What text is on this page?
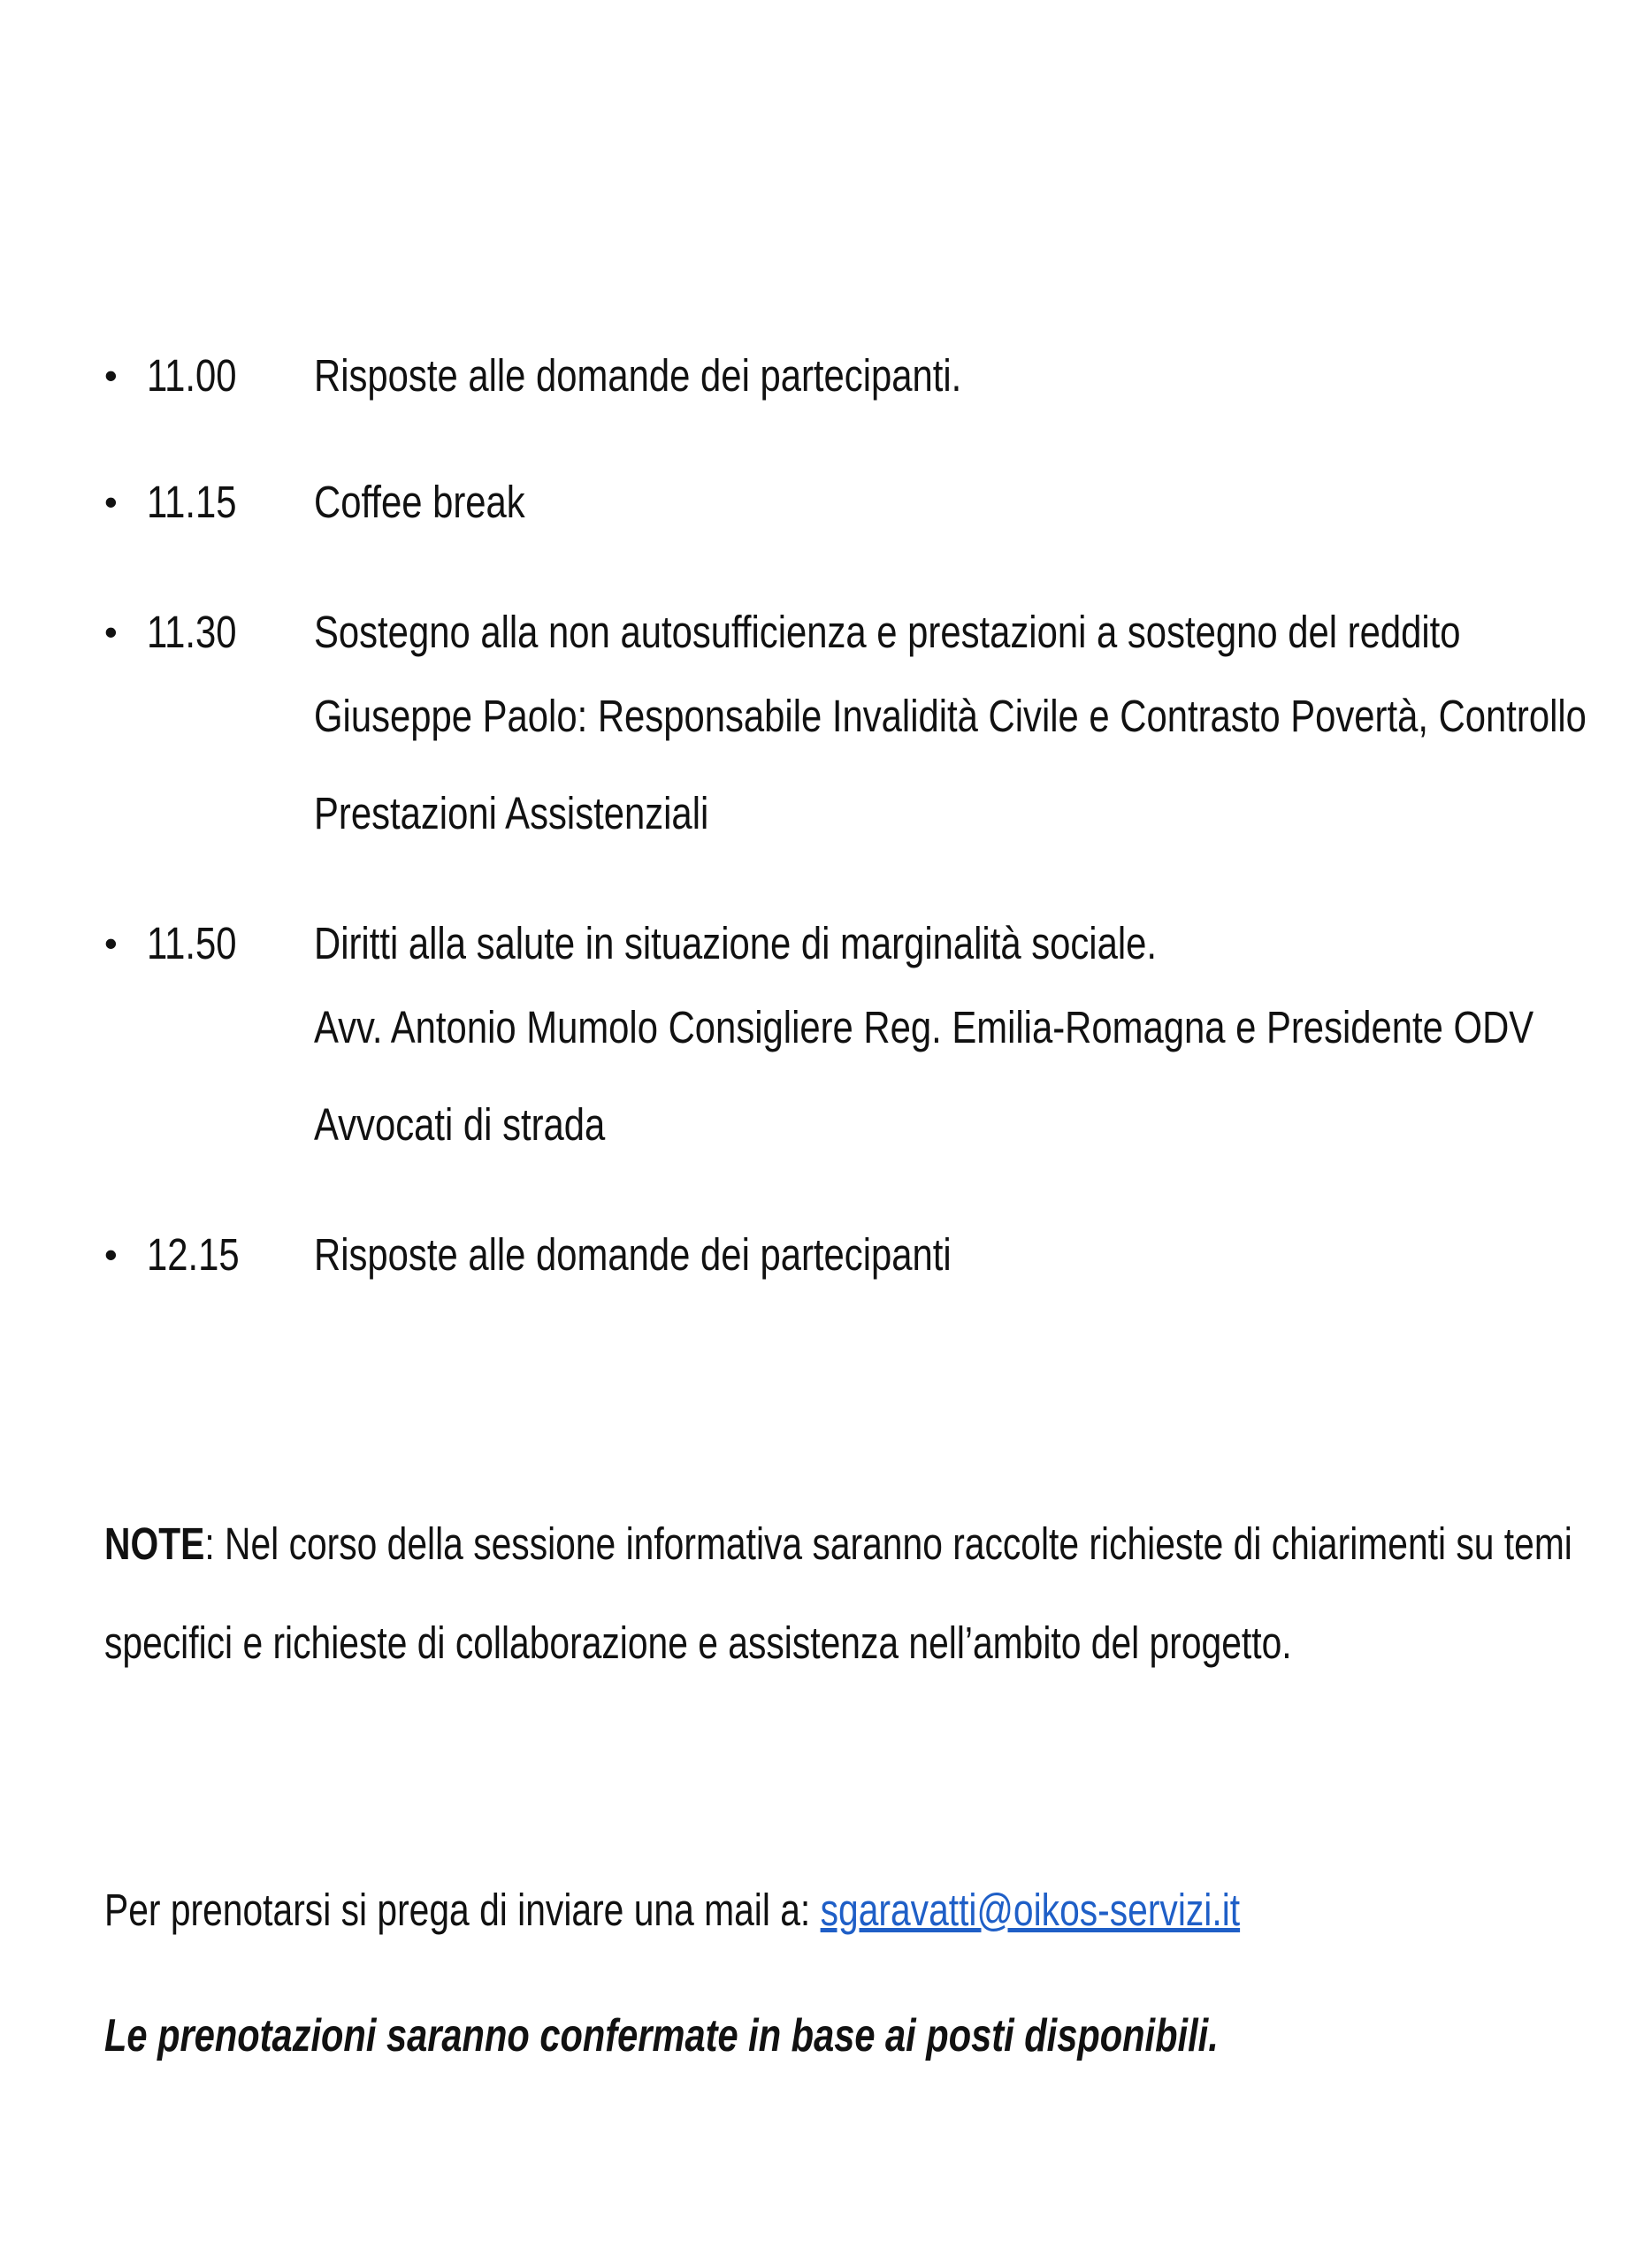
• 11.00	Risposte alle domande dei partecipanti.
• 11.15	Coffee break
• 11.30	Sostegno alla non autosufficienza e prestazioni a sostegno del reddito
Giuseppe Paolo: Responsabile Invalidità Civile e Contrasto Povertà, Controllo
Prestazioni Assistenziali
• 11.50	Diritti alla salute in situazione di marginalità sociale.
Avv. Antonio Mumolo Consigliere Reg. Emilia-Romagna e Presidente ODV
Avvocati di strada
• 12.15	Risposte alle domande dei partecipanti
NOTE: Nel corso della sessione informativa saranno raccolte richieste di chiarimenti su temi
specifici e richieste di collaborazione e assistenza nell’ambito del progetto.
Per prenotarsi si prega di inviare una mail a: sgaravatti@oikos-servizi.it
Le prenotazioni saranno confermate in base ai posti disponibili.
